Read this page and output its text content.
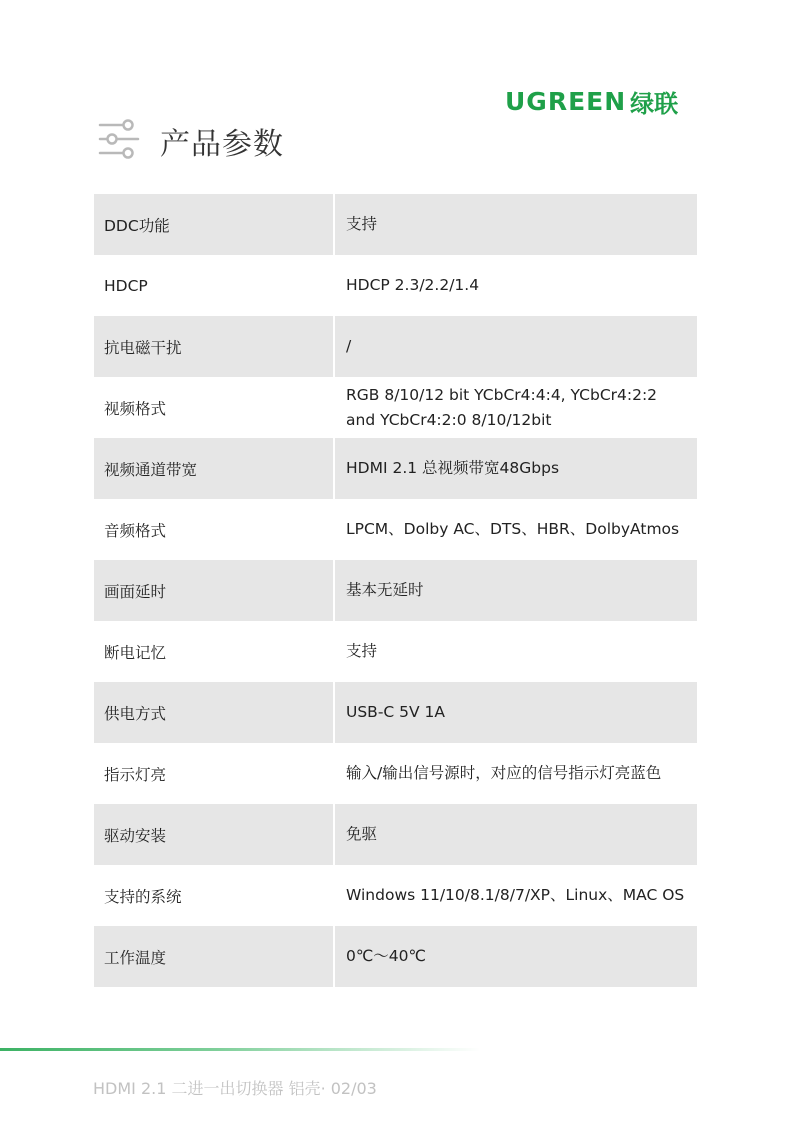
UGREEN 绿联
产品参数
DDC功能	支持
HDCP	HDCP 2.3/2.2/1.4
抗电磁干扰	/
视频格式	RGB 8/10/12 bit YCbCr4:4:4, YCbCr4:2:2 and YCbCr4:2:0 8/10/12bit
视频通道带宽	HDMI 2.1 总视频带宽48Gbps
音频格式	LPCM、Dolby AC、DTS、HBR、DolbyAtmos
画面延时	基本无延时
断电记忆	支持
供电方式	USB-C 5V 1A
指示灯亮	输入/输出信号源时，对应的信号指示灯亮蓝色
驱动安装	免驱
支持的系统	Windows 11/10/8.1/8/7/XP、Linux、MAC OS
工作温度	0℃～40℃
HDMI 2.1 二进一出切换器 铝壳· 02/03
